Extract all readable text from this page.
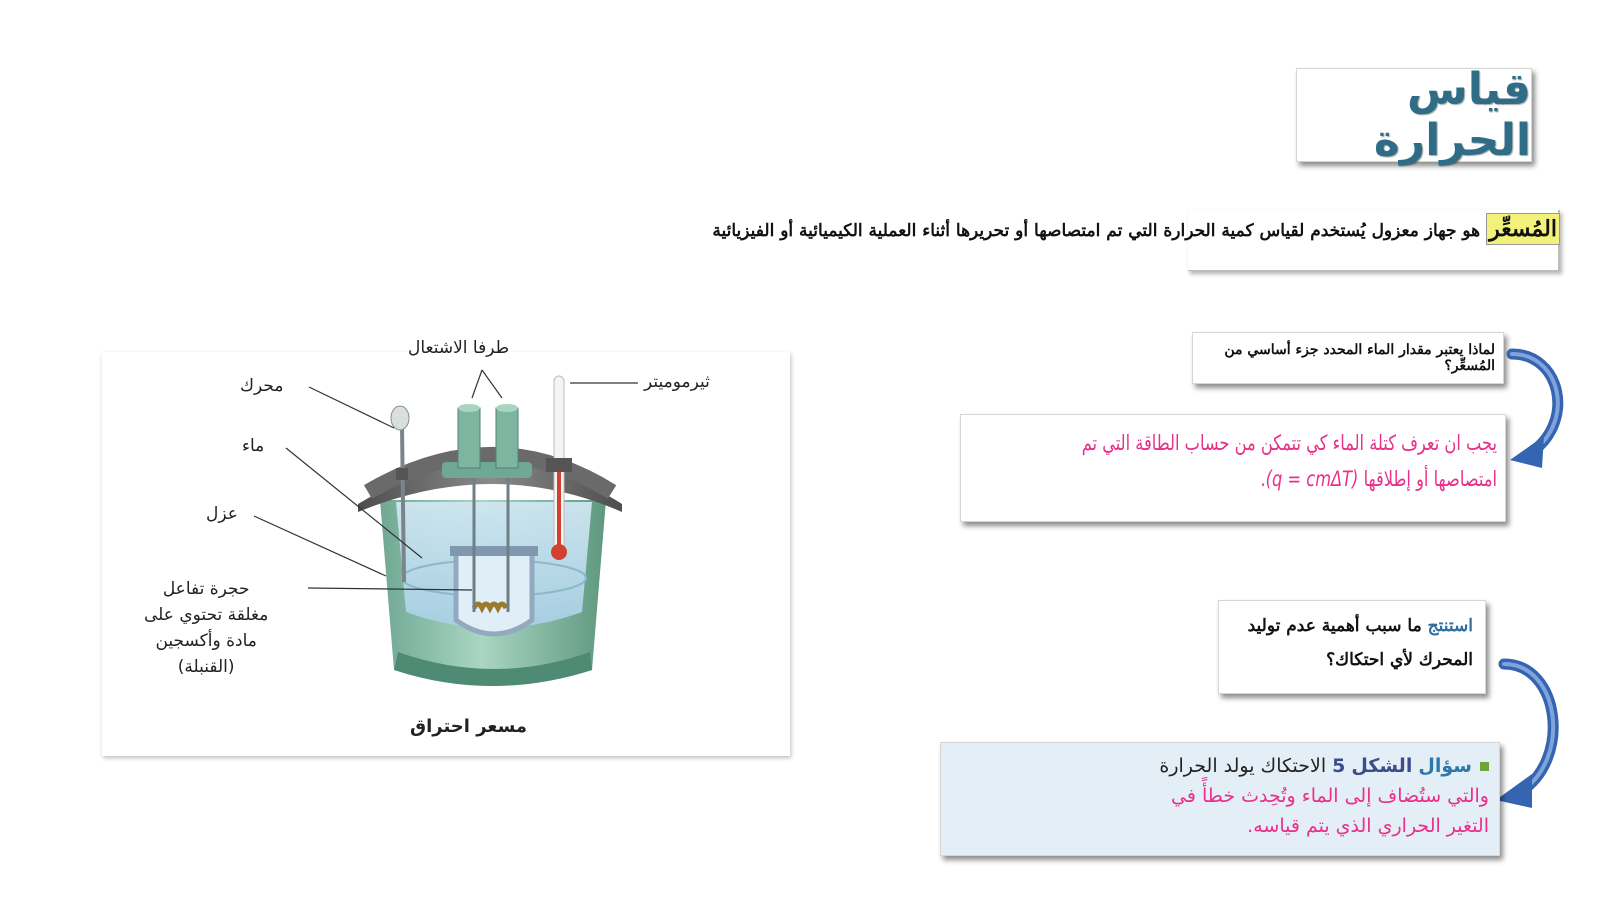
قياس الحرارة
المُسعِّر هو جهاز معزول يُستخدم لقياس كمية الحرارة التي تم امتصاصها أو تحريرها أثناء العملية الكيميائية أو الفيزيائية
لماذا يعتبر مقدار الماء المحدد جزء أساسي من المُسعِّر؟
يجب ان تعرف كتلة الماء كي تتمكن من حساب الطاقة التي تم
امتصاصها أو إطلاقها (q = cmΔT).
استنتج ما سبب أهمية عدم توليد
المحرك لأي احتكاك؟
سؤال الشكل5الاحتكاك يولد الحرارة
والتي ستُضاف إلى الماء وتُحِدث خطأً في
التغير الحراري الذي يتم قياسه.
طرفا الاشتعال
محرك	ثيرموميتر
ماء
عزل
حجرة تفاعل
مغلقة تحتوي على
مادة وأكسجين
(القنبلة)
مسعر احتراق
